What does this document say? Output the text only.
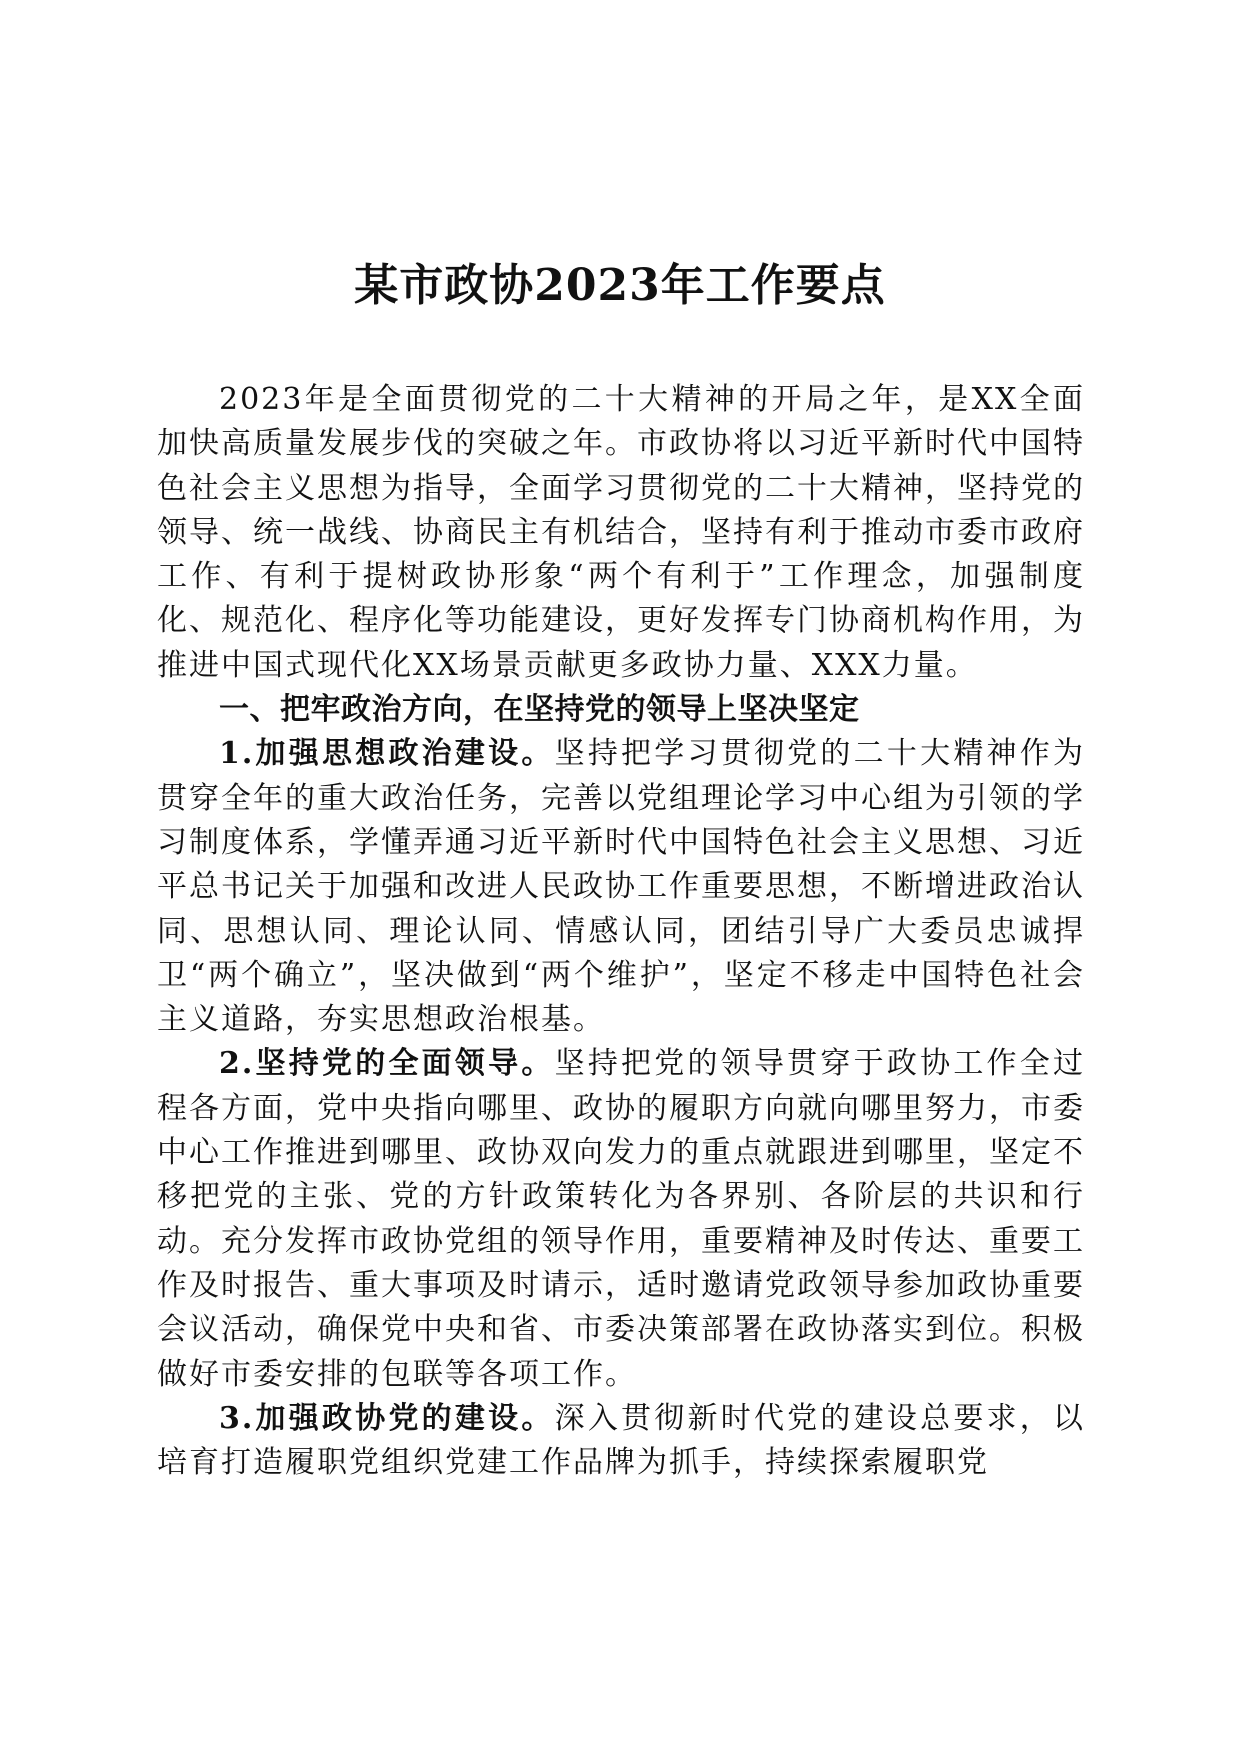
某市政协2023年工作要点

2023年是全面贯彻党的二十大精神的开局之年，是XX全面加快高质量发展步伐的突破之年。市政协将以习近平新时代中国特色社会主义思想为指导，全面学习贯彻党的二十大精神，坚持党的领导、统一战线、协商民主有机结合，坚持有利于推动市委市政府工作、有利于提树政协形象“两个有利于”工作理念，加强制度化、规范化、程序化等功能建设，更好发挥专门协商机构作用，为推进中国式现代化XX场景贡献更多政协力量、XXX力量。

一、把牢政治方向，在坚持党的领导上坚决坚定

1.加强思想政治建设。坚持把学习贯彻党的二十大精神作为贯穿全年的重大政治任务，完善以党组理论学习中心组为引领的学习制度体系，学懂弄通习近平新时代中国特色社会主义思想、习近平总书记关于加强和改进人民政协工作重要思想，不断增进政治认同、思想认同、理论认同、情感认同，团结引导广大委员忠诚捍卫“两个确立”，坚决做到“两个维护”，坚定不移走中国特色社会主义道路，夯实思想政治根基。

2.坚持党的全面领导。坚持把党的领导贯穿于政协工作全过程各方面，党中央指向哪里、政协的履职方向就向哪里努力，市委中心工作推进到哪里、政协双向发力的重点就跟进到哪里，坚定不移把党的主张、党的方针政策转化为各界别、各阶层的共识和行动。充分发挥市政协党组的领导作用，重要精神及时传达、重要工作及时报告、重大事项及时请示，适时邀请党政领导参加政协重要会议活动，确保党中央和省、市委决策部署在政协落实到位。积极做好市委安排的包联等各项工作。

3.加强政协党的建设。深入贯彻新时代党的建设总要求，以培育打造履职党组织党建工作品牌为抓手，持续探索履职党
